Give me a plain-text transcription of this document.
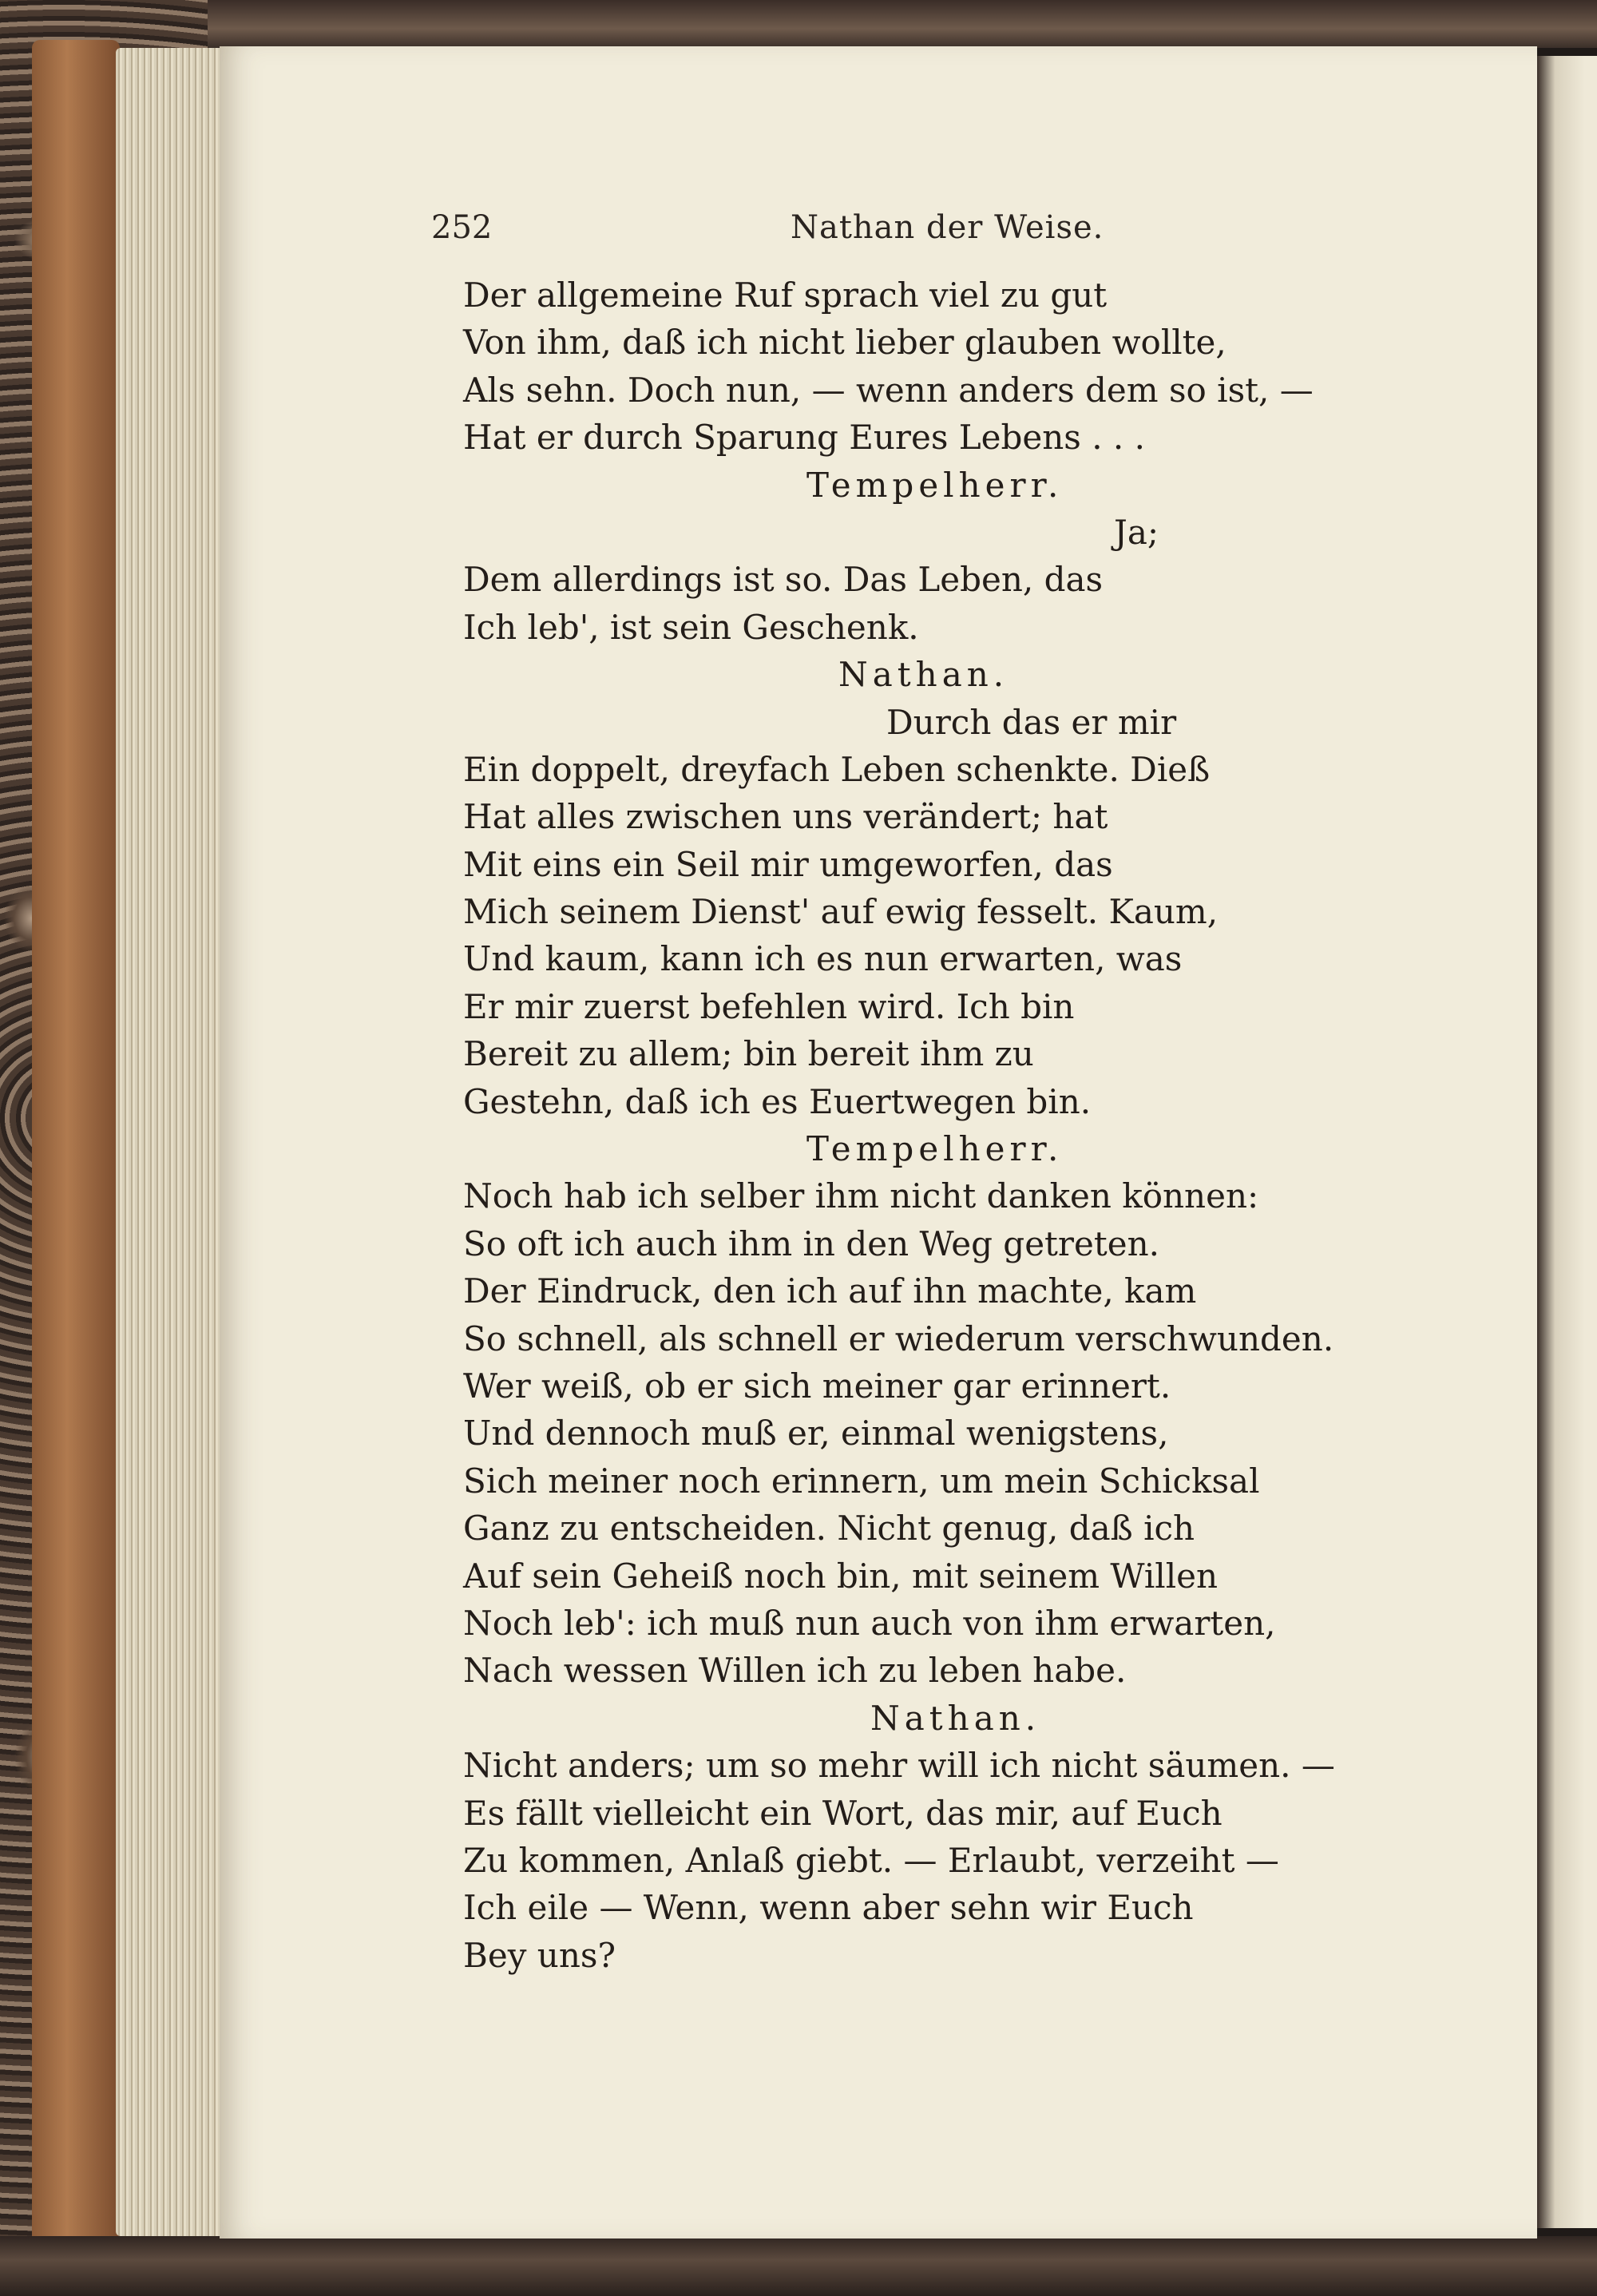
252	Nathan der Weise.
Der allgemeine Ruf sprach viel zu gut
Von ihm, daß ich nicht lieber glauben wollte,
Als sehn. Doch nun, — wenn anders dem so ist, —
Hat er durch Sparung Eures Lebens . . .
Tempelherr.
Ja;
Dem allerdings ist so. Das Leben, das
Ich leb', ist sein Geschenk.
Nathan.
Durch das er mir
Ein doppelt, dreyfach Leben schenkte. Dieß
Hat alles zwischen uns verändert; hat
Mit eins ein Seil mir umgeworfen, das
Mich seinem Dienst' auf ewig fesselt. Kaum,
Und kaum, kann ich es nun erwarten, was
Er mir zuerst befehlen wird. Ich bin
Bereit zu allem; bin bereit ihm zu
Gestehn, daß ich es Euertwegen bin.
Tempelherr.
Noch hab ich selber ihm nicht danken können:
So oft ich auch ihm in den Weg getreten.
Der Eindruck, den ich auf ihn machte, kam
So schnell, als schnell er wiederum verschwunden.
Wer weiß, ob er sich meiner gar erinnert.
Und dennoch muß er, einmal wenigstens,
Sich meiner noch erinnern, um mein Schicksal
Ganz zu entscheiden. Nicht genug, daß ich
Auf sein Geheiß noch bin, mit seinem Willen
Noch leb': ich muß nun auch von ihm erwarten,
Nach wessen Willen ich zu leben habe.
Nathan.
Nicht anders; um so mehr will ich nicht säumen. —
Es fällt vielleicht ein Wort, das mir, auf Euch
Zu kommen, Anlaß giebt. — Erlaubt, verzeiht —
Ich eile — Wenn, wenn aber sehn wir Euch
Bey uns?
